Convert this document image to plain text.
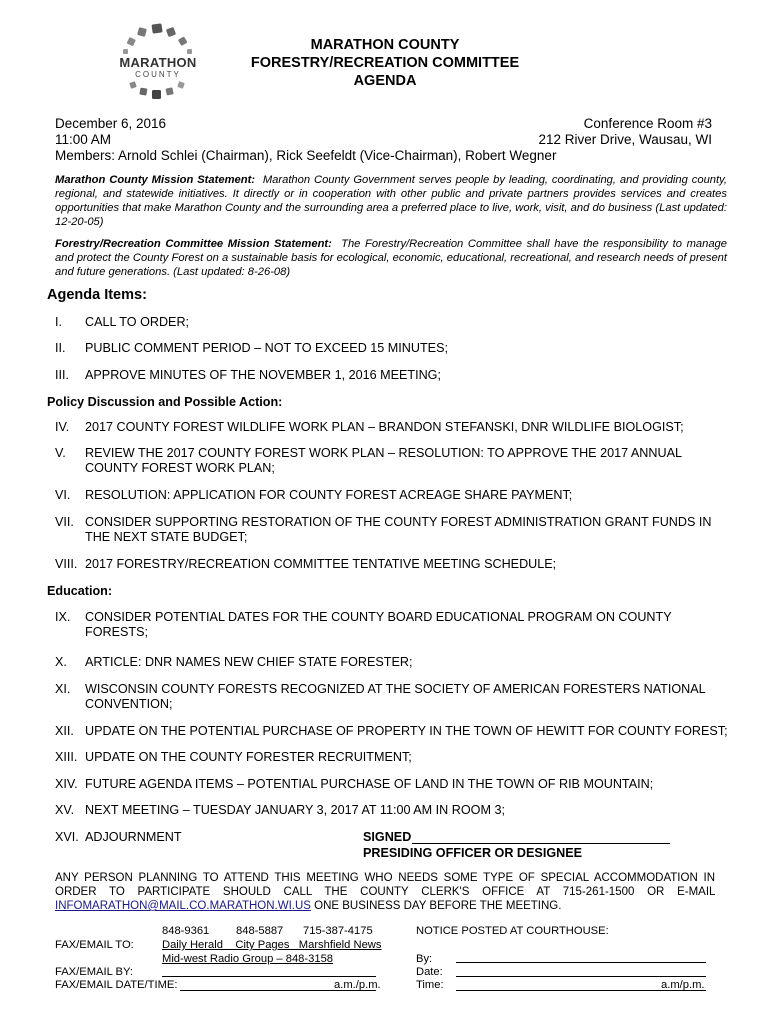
MARATHON
COUNTY
MARATHON COUNTY
FORESTRY/RECREATION COMMITTEE
AGENDA
December 6, 2016
11:00 AM
Conference Room #3
212 River Drive, Wausau, WI
Members: Arnold Schlei (Chairman), Rick Seefeldt (Vice-Chairman), Robert Wegner
Marathon County Mission Statement: Marathon County Government serves people by leading, coordinating, and providing county, regional, and statewide initiatives. It directly or in cooperation with other public and private partners provides services and creates opportunities that make Marathon County and the surrounding area a preferred place to live, work, visit, and do business (Last updated: 12-20-05)
Forestry/Recreation Committee Mission Statement: The Forestry/Recreation Committee shall have the responsibility to manage and protect the County Forest on a sustainable basis for ecological, economic, educational, recreational, and research needs of present and future generations. (Last updated: 8-26-08)
Agenda Items:
I. CALL TO ORDER;
II. PUBLIC COMMENT PERIOD – NOT TO EXCEED 15 MINUTES;
III. APPROVE MINUTES OF THE NOVEMBER 1, 2016 MEETING;
Policy Discussion and Possible Action:
IV. 2017 COUNTY FOREST WILDLIFE WORK PLAN – BRANDON STEFANSKI, DNR WILDLIFE BIOLOGIST;
V. REVIEW THE 2017 COUNTY FOREST WORK PLAN – RESOLUTION: TO APPROVE THE 2017 ANNUAL COUNTY FOREST WORK PLAN;
VI. RESOLUTION: APPLICATION FOR COUNTY FOREST ACREAGE SHARE PAYMENT;
VII. CONSIDER SUPPORTING RESTORATION OF THE COUNTY FOREST ADMINISTRATION GRANT FUNDS IN THE NEXT STATE BUDGET;
VIII. 2017 FORESTRY/RECREATION COMMITTEE TENTATIVE MEETING SCHEDULE;
Education:
IX. CONSIDER POTENTIAL DATES FOR THE COUNTY BOARD EDUCATIONAL PROGRAM ON COUNTY FORESTS;
X. ARTICLE: DNR NAMES NEW CHIEF STATE FORESTER;
XI. WISCONSIN COUNTY FORESTS RECOGNIZED AT THE SOCIETY OF AMERICAN FORESTERS NATIONAL CONVENTION;
XII. UPDATE ON THE POTENTIAL PURCHASE OF PROPERTY IN THE TOWN OF HEWITT FOR COUNTY FOREST;
XIII. UPDATE ON THE COUNTY FORESTER RECRUITMENT;
XIV. FUTURE AGENDA ITEMS – POTENTIAL PURCHASE OF LAND IN THE TOWN OF RIB MOUNTAIN;
XV. NEXT MEETING – TUESDAY JANUARY 3, 2017 AT 11:00 AM IN ROOM 3;
XVI. ADJOURNMENT	SIGNED
PRESIDING OFFICER OR DESIGNEE
ANY PERSON PLANNING TO ATTEND THIS MEETING WHO NEEDS SOME TYPE OF SPECIAL ACCOMMODATION IN ORDER TO PARTICIPATE SHOULD CALL THE COUNTY CLERK'S OFFICE AT 715-261-1500 OR E-MAIL INFOMARATHON@MAIL.CO.MARATHON.WI.US ONE BUSINESS DAY BEFORE THE MEETING.
848-9361 848-5887 715-387-4175
FAX/EMAIL TO:	Daily Herald    City Pages   Marshfield News
Mid-west Radio Group – 848-3158
FAX/EMAIL BY:
FAX/EMAIL DATE/TIME:	a.m./p.m.
NOTICE POSTED AT COURTHOUSE:
By:
Date:
Time:	a.m/p.m.
